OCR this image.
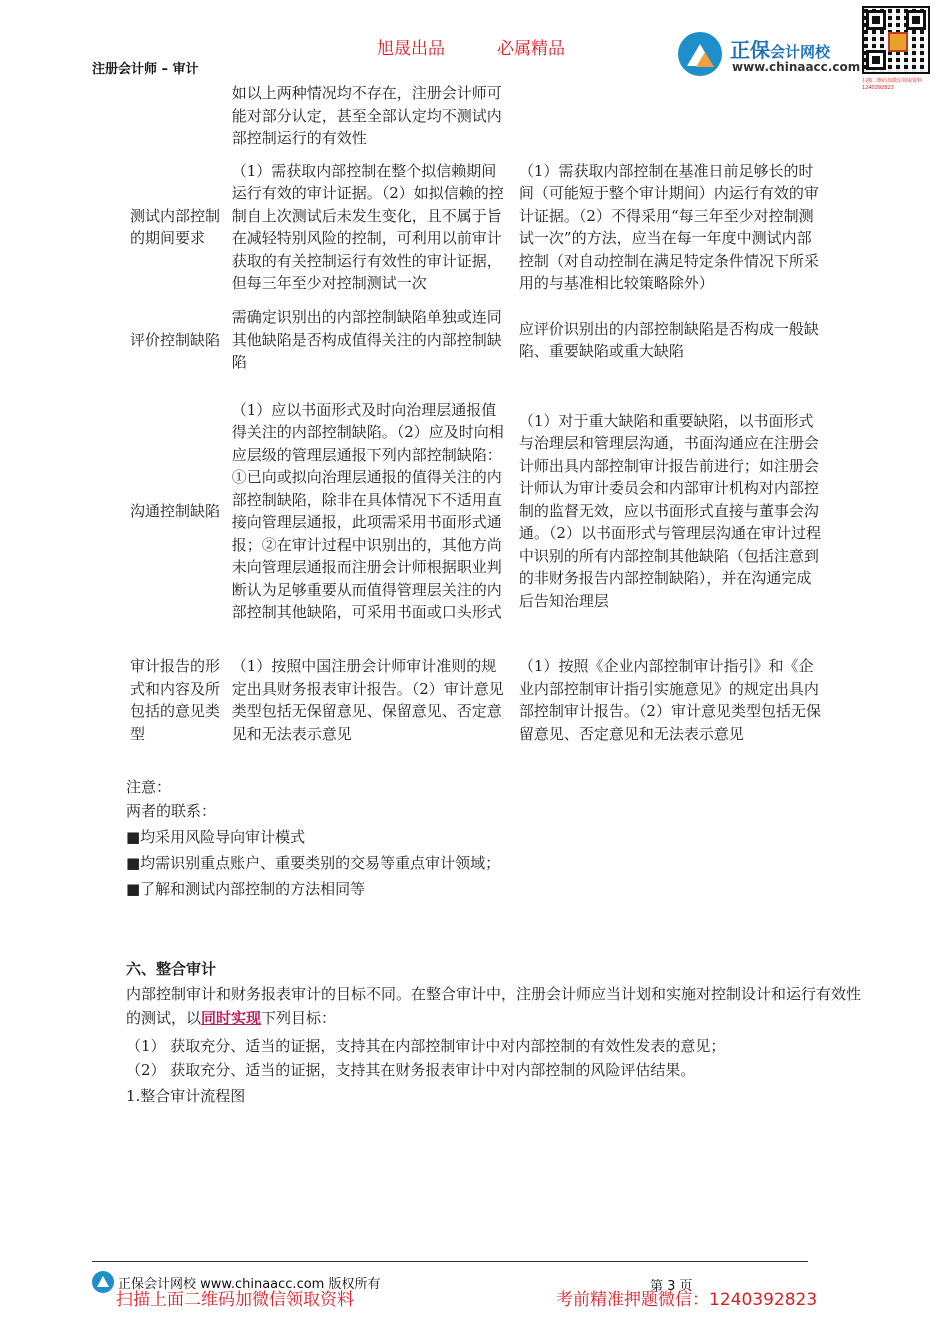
旭晟出品	必属精品
注册会计师 – 审计
正保会计网校
www.chinaacc.com
扫描二维码加微信领取资料 1240392823
	如以上两种情况均不存在，注册会计师可能对部分认定，甚至全部认定均不测试内部控制运行的有效性	
测试内部控制的期间要求	（1）需获取内部控制在整个拟信赖期间运行有效的审计证据。（2）如拟信赖的控制自上次测试后未发生变化，且不属于旨在减轻特别风险的控制，可利用以前审计获取的有关控制运行有效性的审计证据，但每三年至少对控制测试一次	（1）需获取内部控制在基准日前足够长的时间（可能短于整个审计期间）内运行有效的审计证据。（2）不得采用“每三年至少对控制测试一次”的方法，应当在每一年度中测试内部控制（对自动控制在满足特定条件情况下所采用的与基准相比较策略除外）
评价控制缺陷	需确定识别出的内部控制缺陷单独或连同其他缺陷是否构成值得关注的内部控制缺陷	应评价识别出的内部控制缺陷是否构成一般缺陷、重要缺陷或重大缺陷
沟通控制缺陷	（1）应以书面形式及时向治理层通报值得关注的内部控制缺陷。（2）应及时向相应层级的管理层通报下列内部控制缺陷：①已向或拟向治理层通报的值得关注的内部控制缺陷，除非在具体情况下不适用直接向管理层通报，此项需采用书面形式通报；②在审计过程中识别出的，其他方尚未向管理层通报而注册会计师根据职业判断认为足够重要从而值得管理层关注的内部控制其他缺陷，可采用书面或口头形式	（1）对于重大缺陷和重要缺陷，以书面形式与治理层和管理层沟通，书面沟通应在注册会计师出具内部控制审计报告前进行；如注册会计师认为审计委员会和内部审计机构对内部控制的监督无效，应以书面形式直接与董事会沟通。（2）以书面形式与管理层沟通在审计过程中识别的所有内部控制其他缺陷（包括注意到的非财务报告内部控制缺陷），并在沟通完成后告知治理层
审计报告的形式和内容及所包括的意见类型	（1）按照中国注册会计师审计准则的规定出具财务报表审计报告。（2）审计意见类型包括无保留意见、保留意见、否定意见和无法表示意见	（1）按照《企业内部控制审计指引》和《企业内部控制审计指引实施意见》的规定出具内部控制审计报告。（2）审计意见类型包括无保留意见、否定意见和无法表示意见
注意：
两者的联系：
■均采用风险导向审计模式
■均需识别重点账户、重要类别的交易等重点审计领域；
■了解和测试内部控制的方法相同等
六、整合审计
内部控制审计和财务报表审计的目标不同。在整合审计中，注册会计师应当计划和实施对控制设计和运行有效性的测试，以同时实现下列目标：
（1） 获取充分、适当的证据，支持其在内部控制审计中对内部控制的有效性发表的意见；
（2） 获取充分、适当的证据，支持其在财务报表审计中对内部控制的风险评估结果。
1.整合审计流程图
正保会计网校 www.chinaacc.com 版权所有	第 3 页
扫描上面二维码加微信领取资料	考前精准押题微信：1240392823
